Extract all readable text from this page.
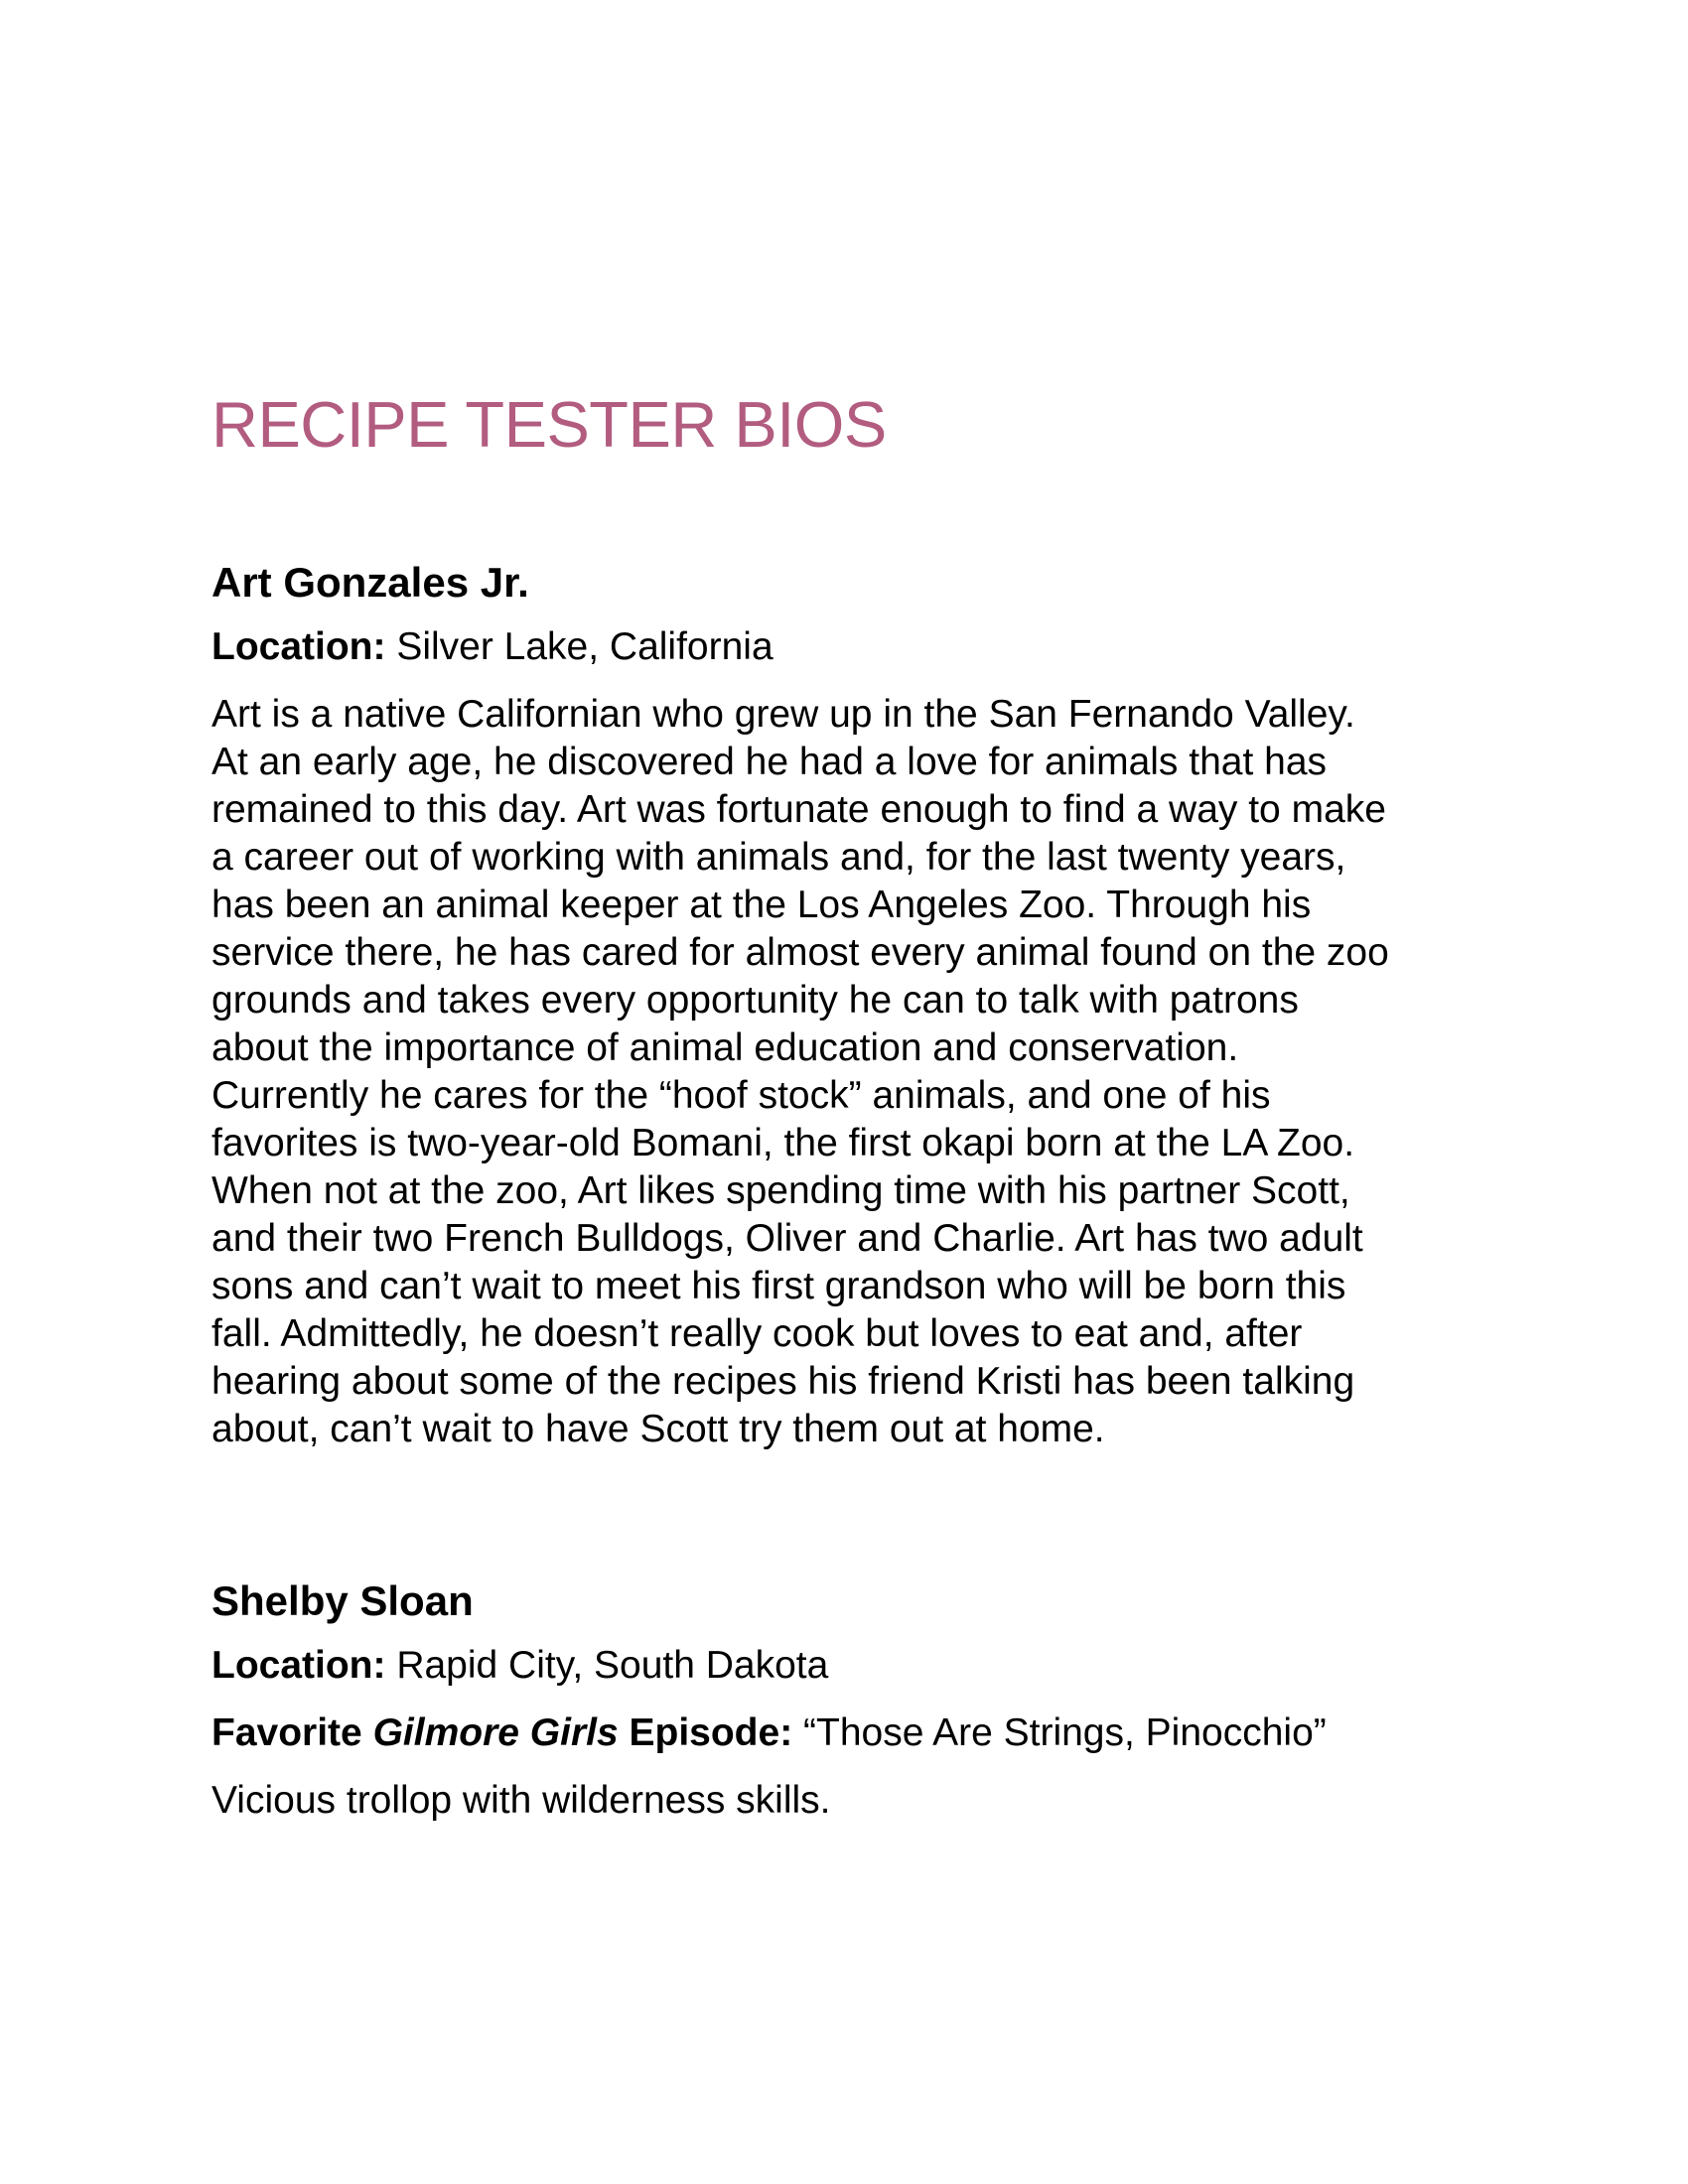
RECIPE TESTER BIOS
Art Gonzales Jr.

Location: Silver Lake, California

Art is a native Californian who grew up in the San Fernando Valley.
At an early age, he discovered he had a love for animals that has
remained to this day. Art was fortunate enough to find a way to make
a career out of working with animals and, for the last twenty years,
has been an animal keeper at the Los Angeles Zoo. Through his
service there, he has cared for almost every animal found on the zoo
grounds and takes every opportunity he can to talk with patrons
about the importance of animal education and conservation.
Currently he cares for the “hoof stock” animals, and one of his
favorites is two-year-old Bomani, the first okapi born at the LA Zoo.
When not at the zoo, Art likes spending time with his partner Scott,
and their two French Bulldogs, Oliver and Charlie. Art has two adult
sons and can’t wait to meet his first grandson who will be born this
fall. Admittedly, he doesn’t really cook but loves to eat and, after
hearing about some of the recipes his friend Kristi has been talking
about, can’t wait to have Scott try them out at home.
Shelby Sloan

Location: Rapid City, South Dakota

Favorite Gilmore Girls Episode: “Those Are Strings, Pinocchio”

Vicious trollop with wilderness skills.
